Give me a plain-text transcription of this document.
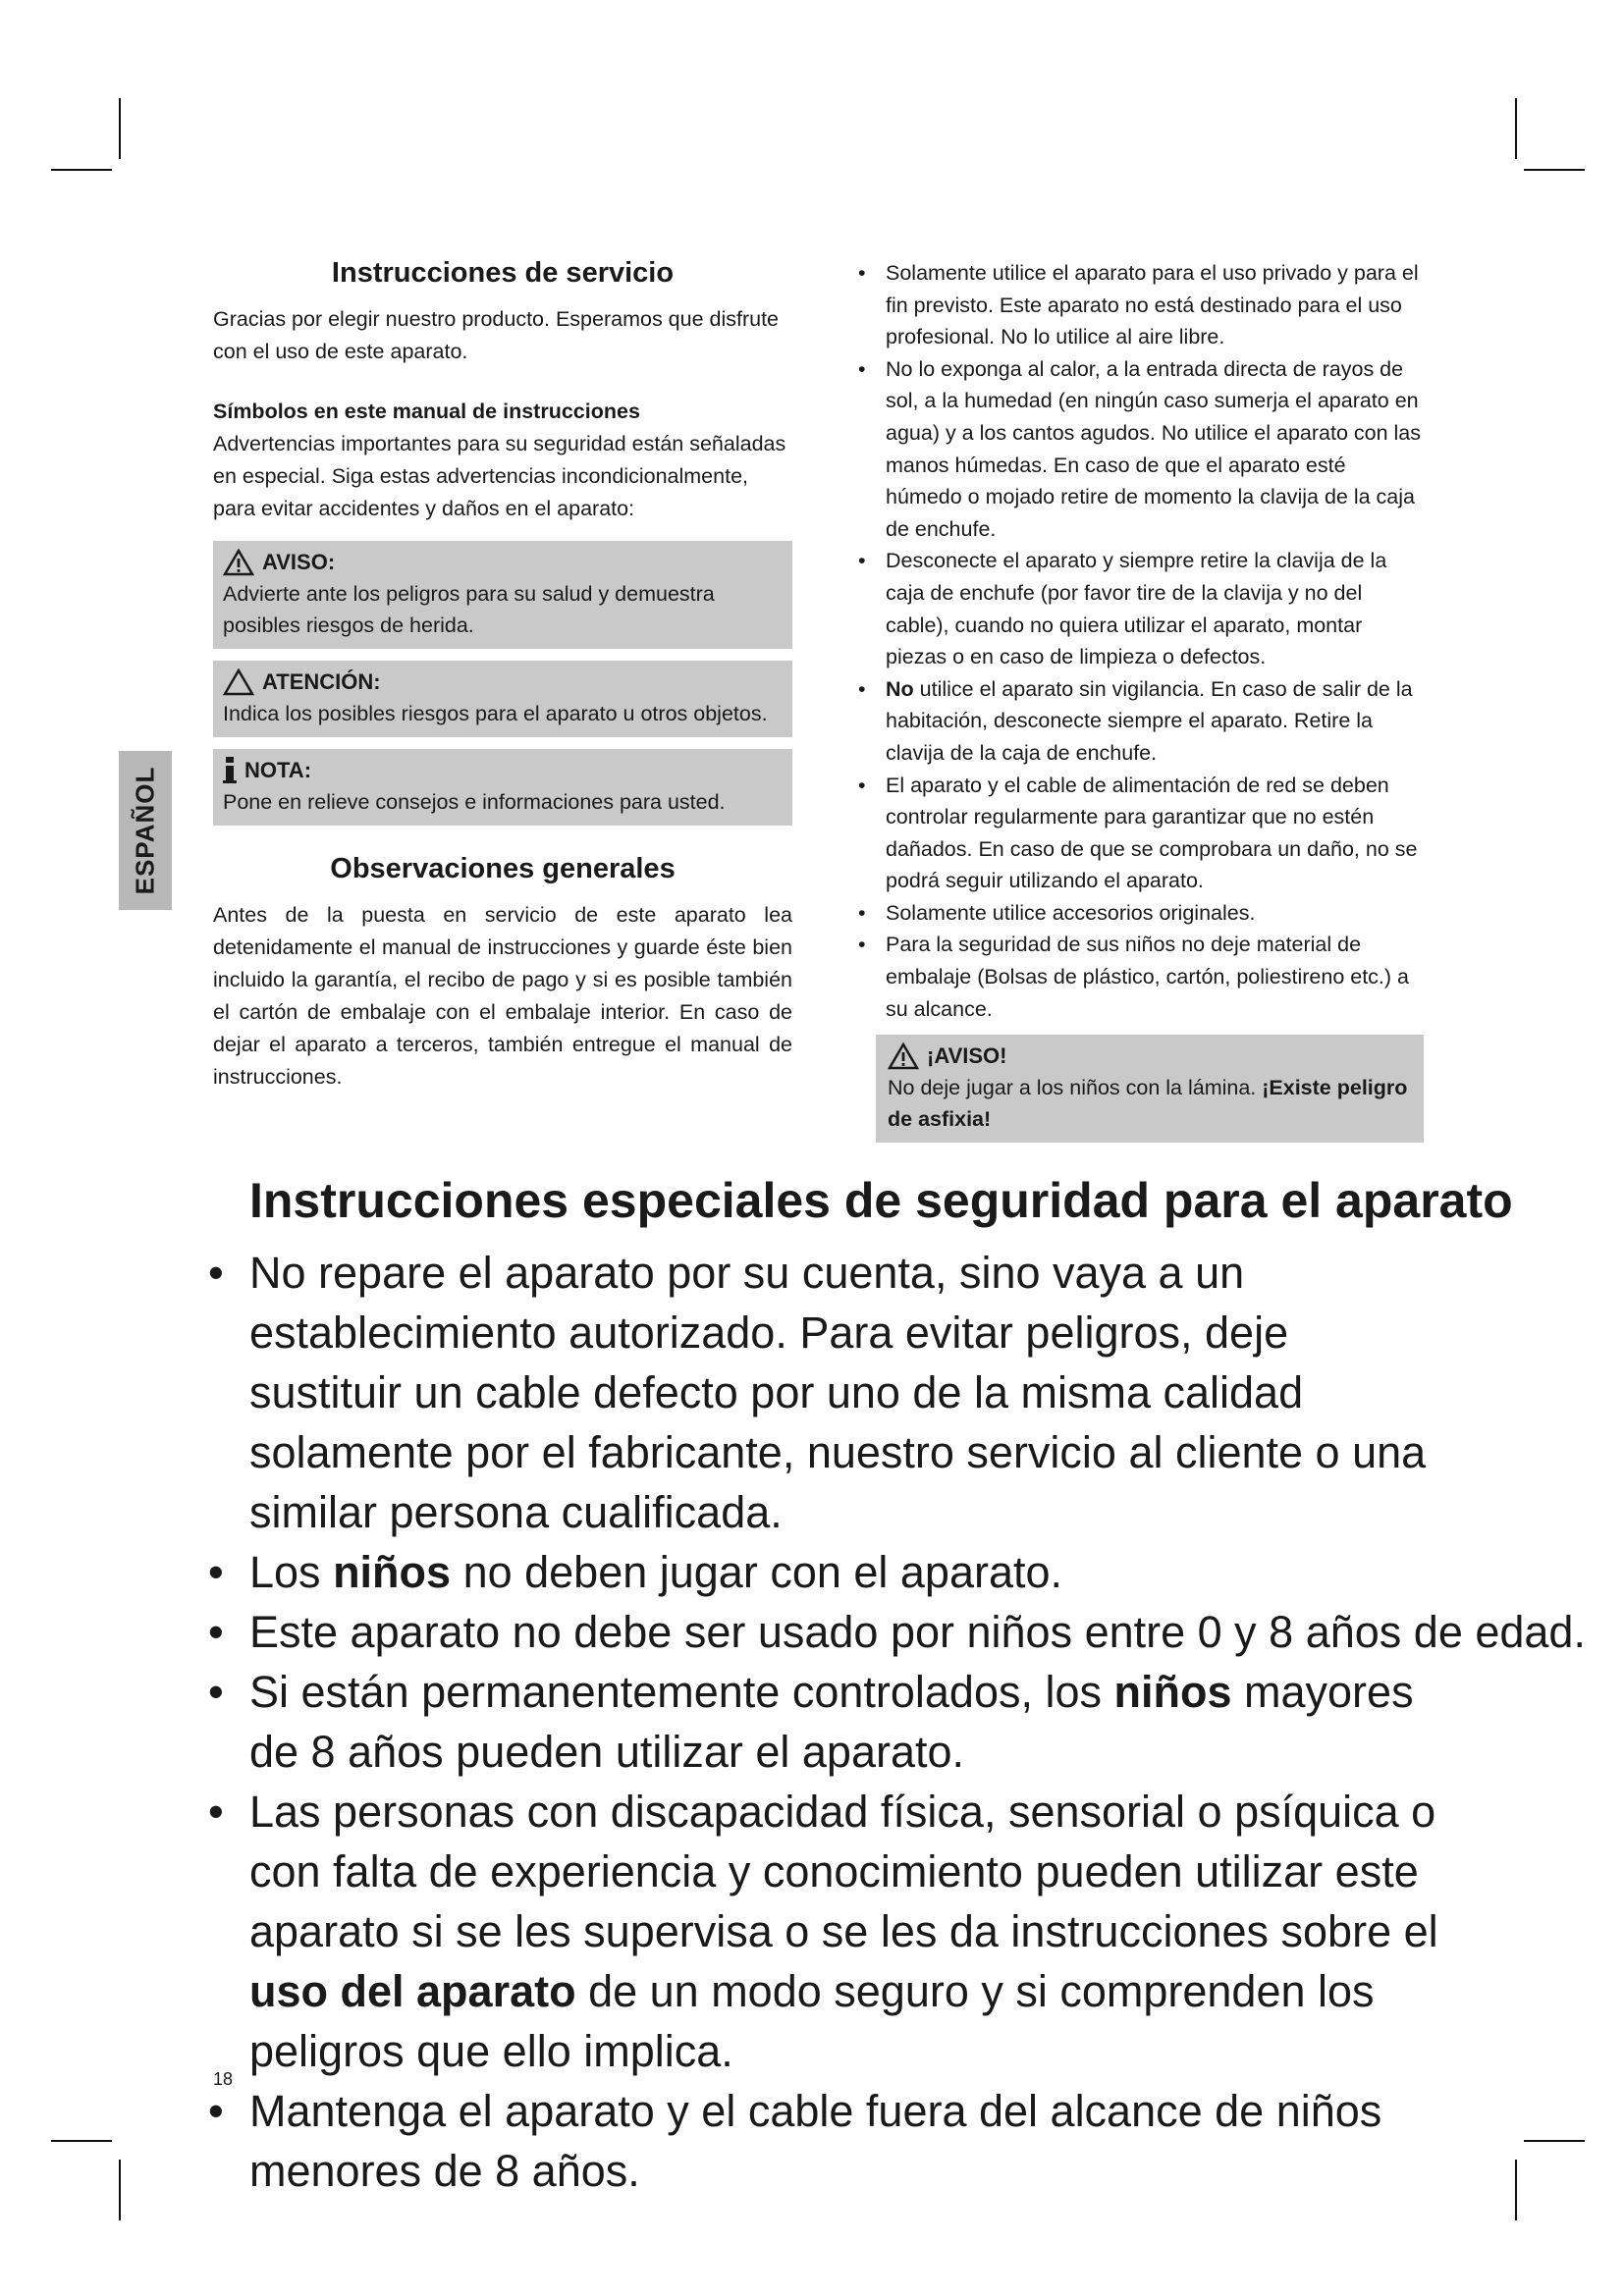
ESPAÑOL
Instrucciones de servicio

Gracias por elegir nuestro producto. Esperamos que disfrute con el uso de este aparato.

Símbolos en este manual de instrucciones

Advertencias importantes para su seguridad están señaladas en especial. Siga estas advertencias incondicionalmente, para evitar accidentes y daños en el aparato:

AVISO:
Advierte ante los peligros para su salud y demuestra posibles riesgos de herida.
ATENCIÓN:
Indica los posibles riesgos para el aparato u otros objetos.
NOTA:
Pone en relieve consejos e informaciones para usted.
Observaciones generales

Antes de la puesta en servicio de este aparato lea detenidamente el manual de instrucciones y guarde éste bien incluido la garantía, el recibo de pago y si es posible también el cartón de embalaje con el embalaje interior. En caso de dejar el aparato a terceros, también entregue el manual de instrucciones.

• Solamente utilice el aparato para el uso privado y para el fin previsto. Este aparato no está destinado para el uso profesional. No lo utilice al aire libre.
• No lo exponga al calor, a la entrada directa de rayos de sol, a la humedad (en ningún caso sumerja el aparato en agua) y a los cantos agudos. No utilice el aparato con las manos húmedas. En caso de que el aparato esté húmedo o mojado retire de momento la clavija de la caja de enchufe.
• Desconecte el aparato y siempre retire la clavija de la caja de enchufe (por favor tire de la clavija y no del cable), cuando no quiera utilizar el aparato, montar piezas o en caso de limpieza o defectos.
• No utilice el aparato sin vigilancia. En caso de salir de la habitación, desconecte siempre el aparato. Retire la clavija de la caja de enchufe.
• El aparato y el cable de alimentación de red se deben controlar regularmente para garantizar que no estén dañados. En caso de que se comprobara un daño, no se podrá seguir utilizando el aparato.
• Solamente utilice accesorios originales.
• Para la seguridad de sus niños no deje material de embalaje (Bolsas de plástico, cartón, poliestireno etc.) a su alcance.
¡AVISO!
No deje jugar a los niños con la lámina. ¡Existe peligro de asfixia!
Instrucciones especiales de seguridad para el aparato
• No repare el aparato por su cuenta, sino vaya a un establecimiento autorizado. Para evitar peligros, deje sustituir un cable defecto por uno de la misma calidad solamente por el fabricante, nuestro servicio al cliente o una similar persona cualificada.
• Los niños no deben jugar con el aparato.
• Este aparato no debe ser usado por niños entre 0 y 8 años de edad.
• Si están permanentemente controlados, los niños mayores de 8 años pueden utilizar el aparato.
• Las personas con discapacidad física, sensorial o psíquica o con falta de experiencia y conocimiento pueden utilizar este aparato si se les supervisa o se les da instrucciones sobre el uso del aparato de un modo seguro y si comprenden los peligros que ello implica.
• Mantenga el aparato y el cable fuera del alcance de niños menores de 8 años.
18
